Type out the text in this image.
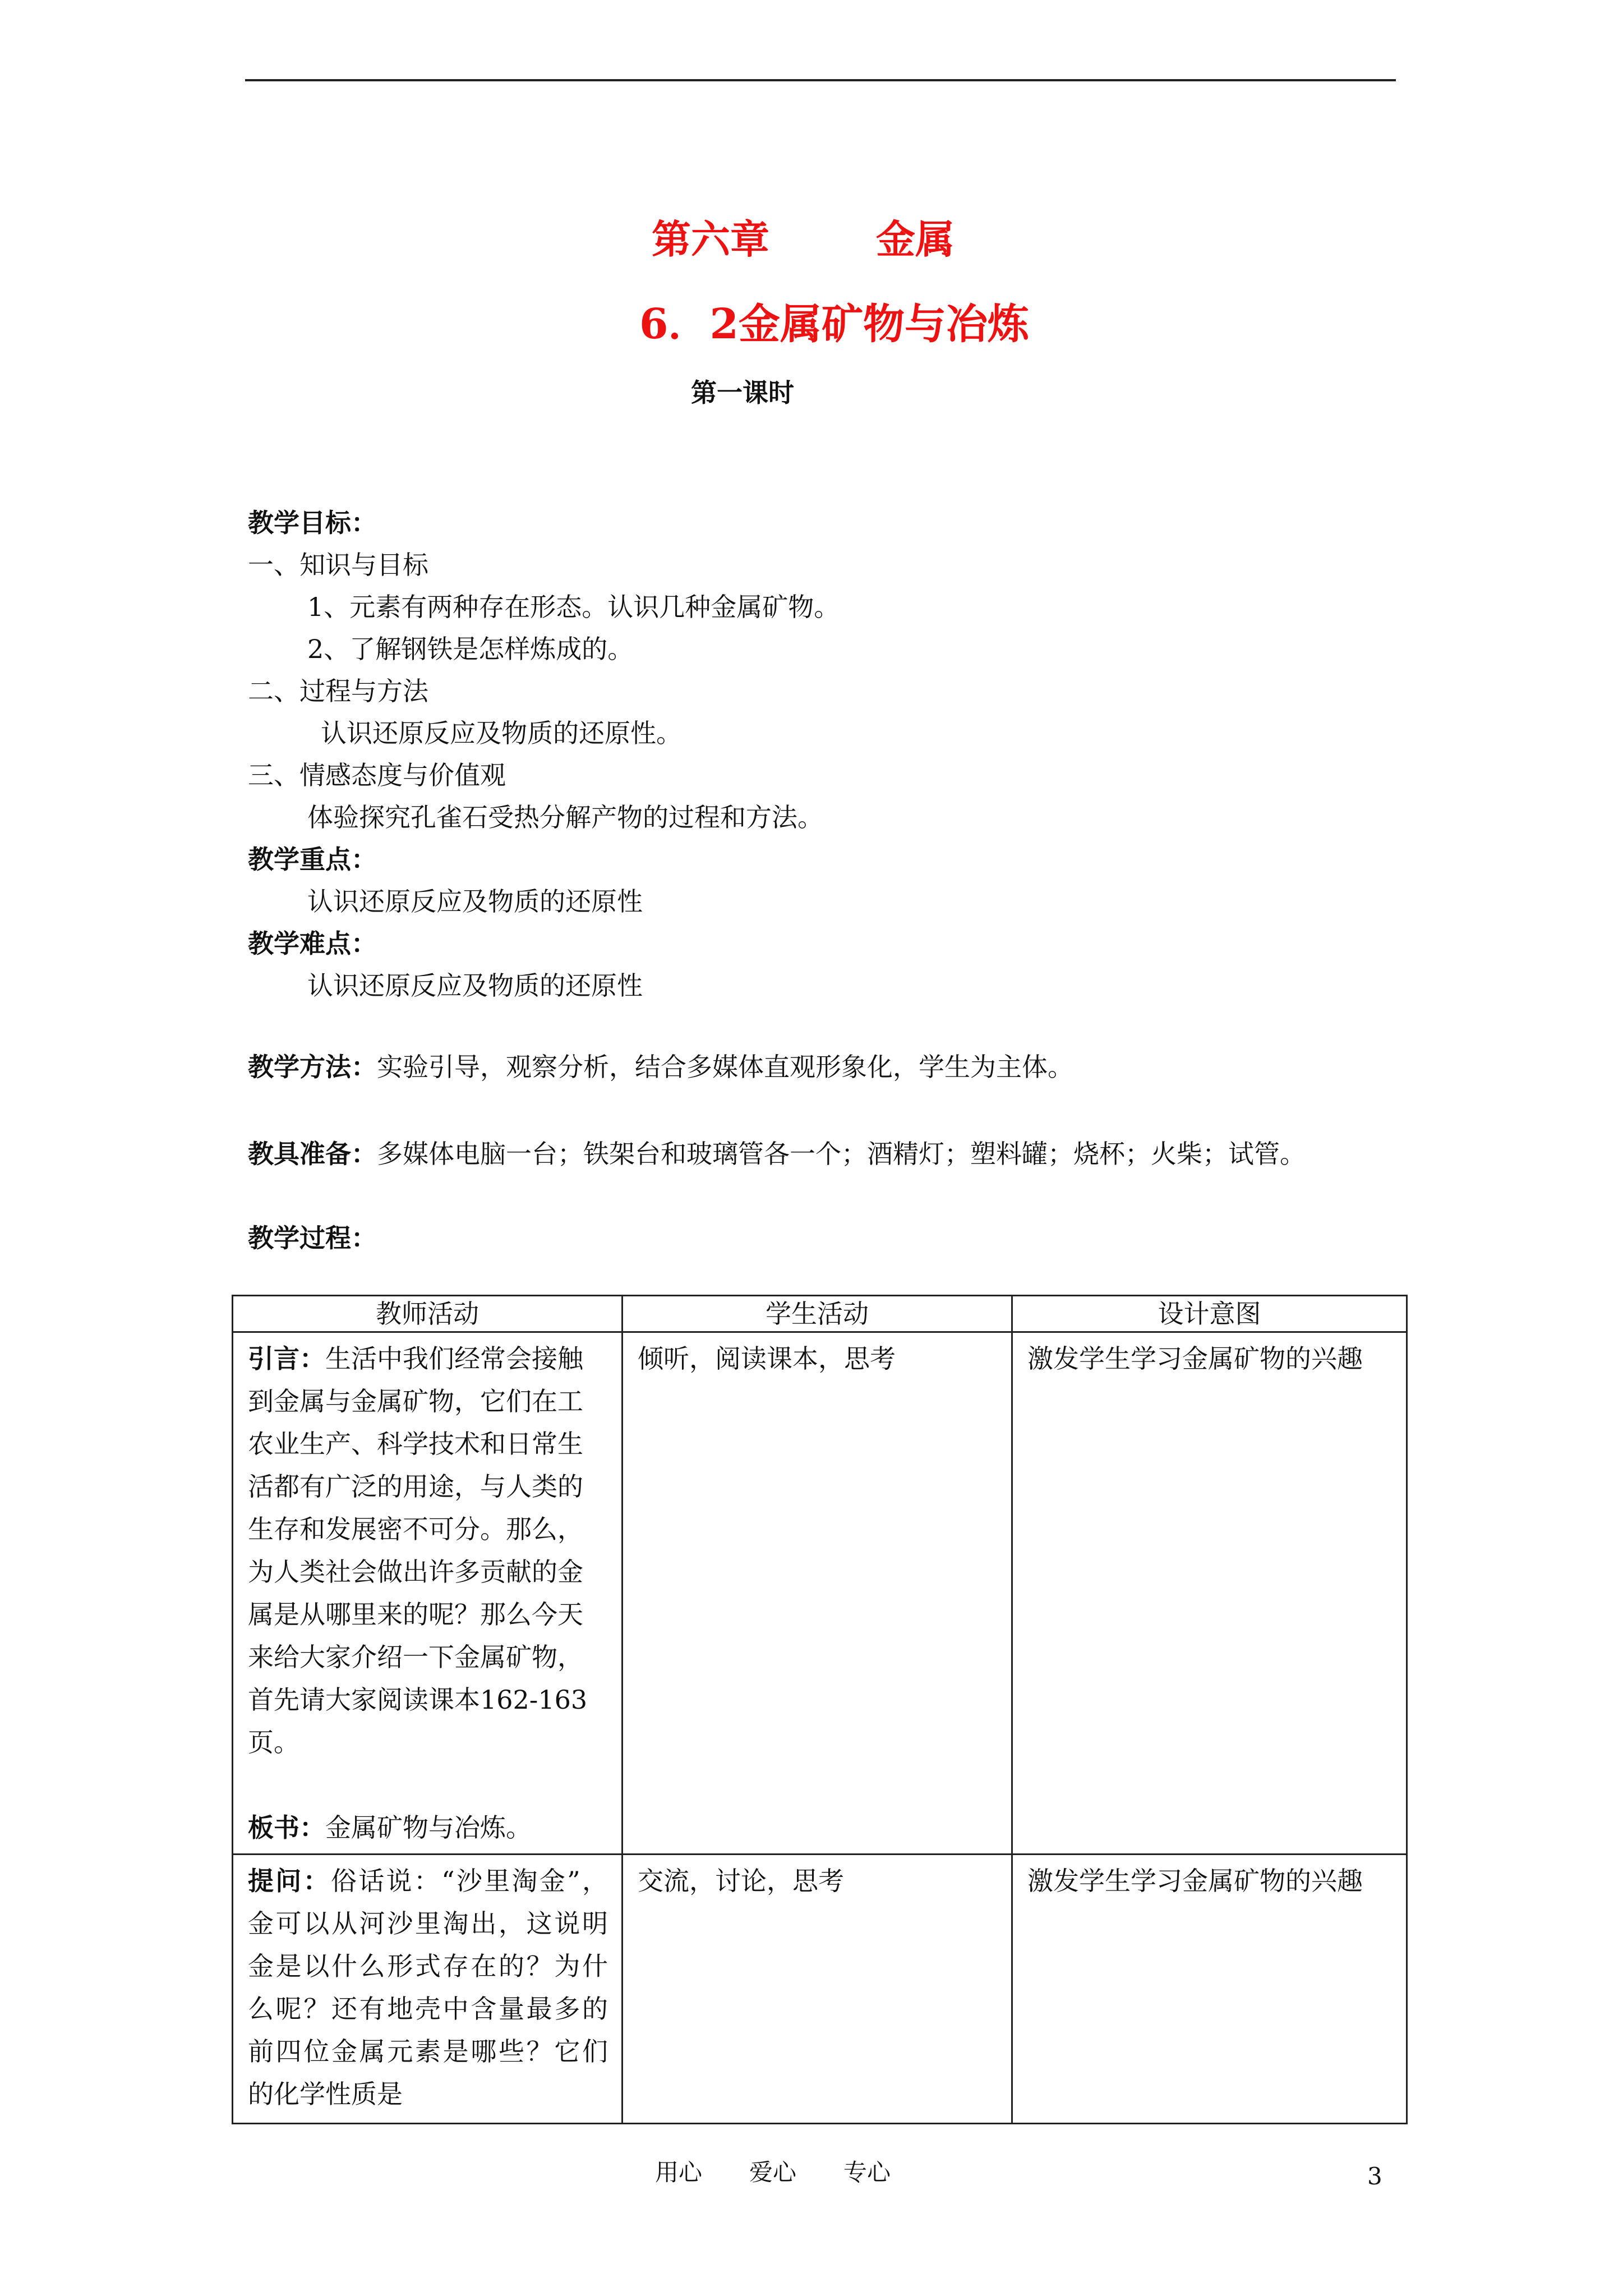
第六章	金属
6．2金属矿物与冶炼
第一课时
教学目标：
一、知识与目标
1、元素有两种存在形态。认识几种金属矿物。
2、了解钢铁是怎样炼成的。
二、过程与方法
认识还原反应及物质的还原性。
三、情感态度与价值观
体验探究孔雀石受热分解产物的过程和方法。
教学重点：
认识还原反应及物质的还原性
教学难点：
认识还原反应及物质的还原性
教学方法：实验引导，观察分析，结合多媒体直观形象化，学生为主体。
教具准备：多媒体电脑一台；铁架台和玻璃管各一个；酒精灯；塑料罐；烧杯；火柴；试管。
教学过程：
教师活动	学生活动	设计意图

引言：生活中我们经常会接触到金属与金属矿物，它们在工农业生产、科学技术和日常生活都有广泛的用途，与人类的生存和发展密不可分。那么，为人类社会做出许多贡献的金属是从哪里来的呢？那么今天来给大家介绍一下金属矿物，首先请大家阅读课本162-163页。
板书：金属矿物与冶炼。	倾听，阅读课本，思考	激发学生学习金属矿物的兴趣

提问：俗话说：“沙里淘金”，金可以从河沙里淘出，这说明金是以什么形式存在的？为什么呢？还有地壳中含量最多的前四位金属元素是哪些？它们的化学性质是	交流，讨论，思考	激发学生学习金属矿物的兴趣
用心　　爱心　　专心	3
